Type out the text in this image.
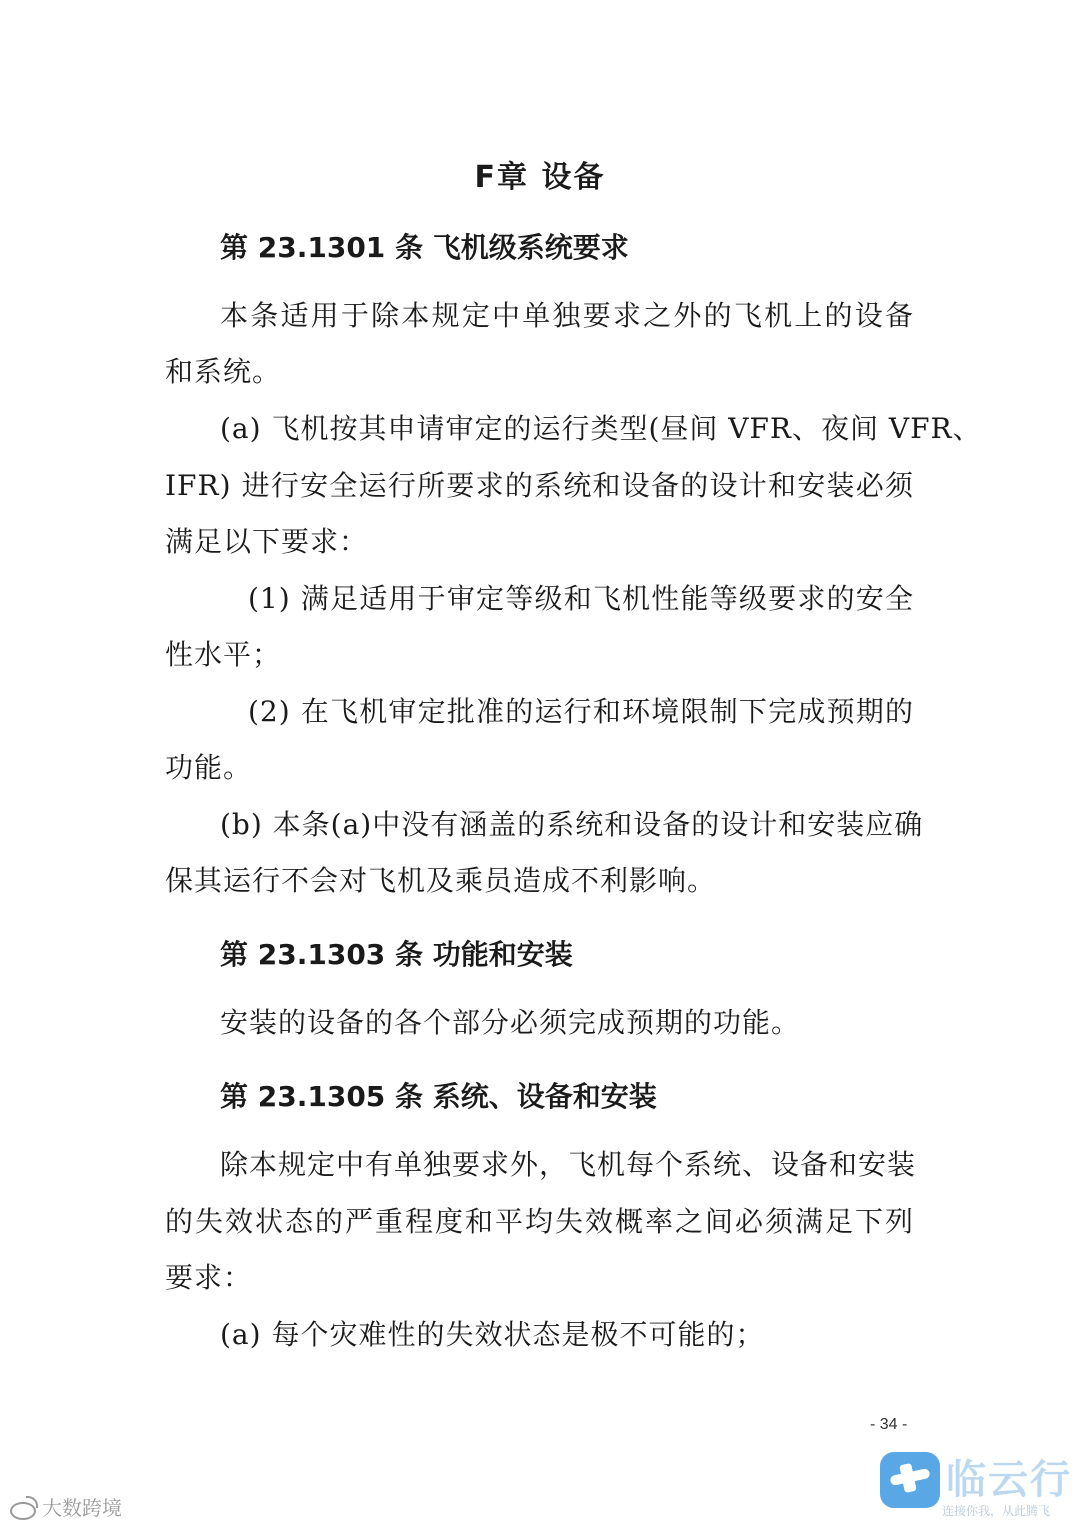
F章 设备
第 23.1301 条 飞机级系统要求
本条适用于除本规定中单独要求之外的飞机上的设备
和系统。
(a) 飞机按其申请审定的运行类型(昼间 VFR、夜间 VFR、
IFR) 进行安全运行所要求的系统和设备的设计和安装必须
满足以下要求：
(1) 满足适用于审定等级和飞机性能等级要求的安全
性水平；
(2) 在飞机审定批准的运行和环境限制下完成预期的
功能。
(b) 本条(a)中没有涵盖的系统和设备的设计和安装应确
保其运行不会对飞机及乘员造成不利影响。
第 23.1303 条 功能和安装
安装的设备的各个部分必须完成预期的功能。
第 23.1305 条 系统、设备和安装
除本规定中有单独要求外，飞机每个系统、设备和安装
的失效状态的严重程度和平均失效概率之间必须满足下列
要求：
(a) 每个灾难性的失效状态是极不可能的；
- 34 -
大数跨境
临云行
连接你我，从此腾飞
